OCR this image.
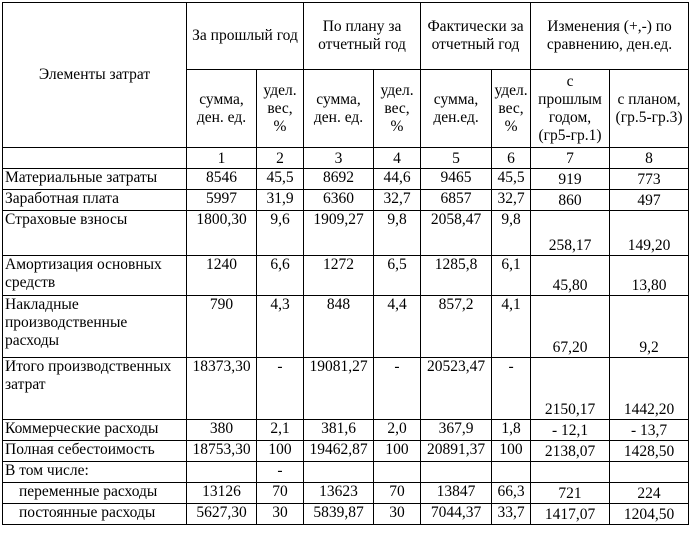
Элементы затрат	За прошлый год		По плану за отчетный год		Фактически за отчетный год		Изменения (+,-) по сравнению, ден.ед.	
	сумма, ден. ед.	удел. вес, %	сумма, ден. ед.	удел. вес, %	сумма, ден.ед.	удел. вес, %	с прошлым годом, (гр5-гр.1)	с планом, (гр.5-гр.3)
	1	2	3	4	5	6	7	8
Материальные затраты	8546	45,5	8692	44,6	9465	45,5	919	773
Заработная плата	5997	31,9	6360	32,7	6857	32,7	860	497
Страховые взносы	1800,30	9,6	1909,27	9,8	2058,47	9,8	258,17	149,20
Амортизация основных средств	1240	6,6	1272	6,5	1285,8	6,1	45,80	13,80
Накладные производственные расходы	790	4,3	848	4,4	857,2	4,1	67,20	9,2
Итого производственных затрат	18373,30	-	19081,27	-	20523,47	-	2150,17	1442,20
Коммерческие расходы	380	2,1	381,6	2,0	367,9	1,8	- 12,1	- 13,7
Полная себестоимость	18753,30	100	19462,87	100	20891,37	100	2138,07	1428,50
В том числе:		-						
переменные расходы	13126	70	13623	70	13847	66,3	721	224
постоянные расходы	5627,30	30	5839,87	30	7044,37	33,7	1417,07	1204,50
